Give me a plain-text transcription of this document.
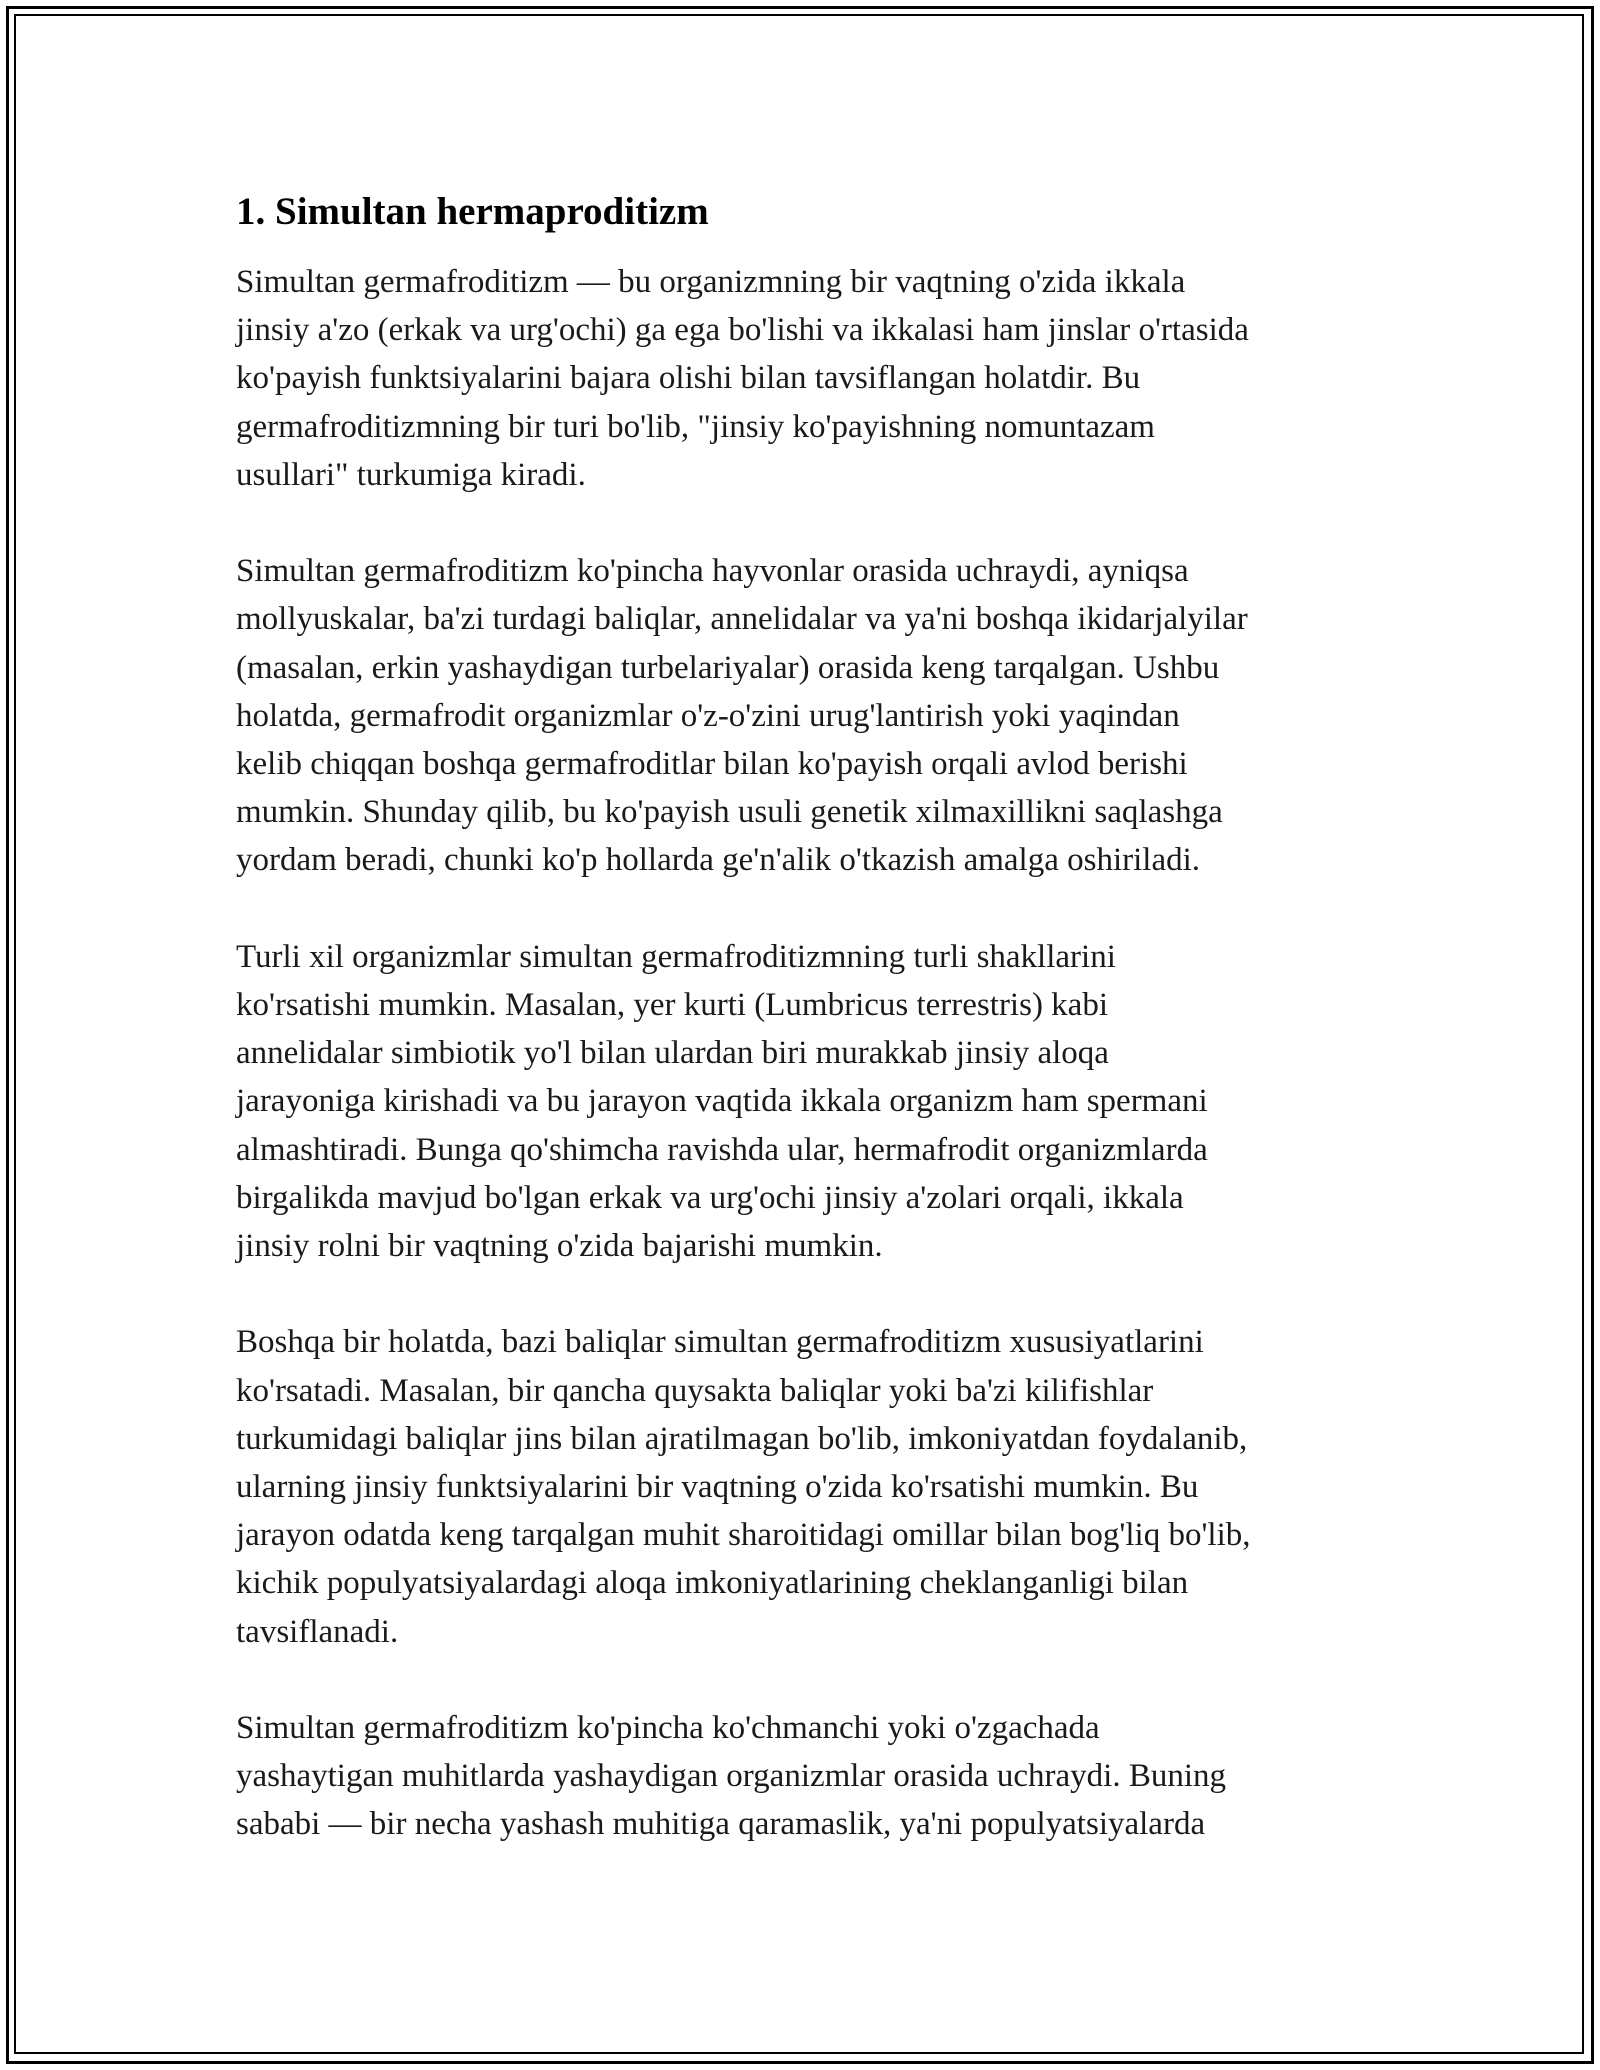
1. Simultan hermaproditizm
Simultan germafroditizm — bu organizmning bir vaqtning o'zida ikkala
jinsiy a'zo (erkak va urg'ochi) ga ega bo'lishi va ikkalasi ham jinslar o'rtasida
ko'payish funktsiyalarini bajara olishi bilan tavsiflangan holatdir. Bu
germafroditizmning bir turi bo'lib, "jinsiy ko'payishning nomuntazam
usullari" turkumiga kiradi.
Simultan germafroditizm ko'pincha hayvonlar orasida uchraydi, ayniqsa
mollyuskalar, ba'zi turdagi baliqlar, annelidalar va ya'ni boshqa ikidarjalyilar
(masalan, erkin yashaydigan turbelariyalar) orasida keng tarqalgan. Ushbu
holatda, germafrodit organizmlar o'z-o'zini urug'lantirish yoki yaqindan
kelib chiqqan boshqa germafroditlar bilan ko'payish orqali avlod berishi
mumkin. Shunday qilib, bu ko'payish usuli genetik xilmaxillikni saqlashga
yordam beradi, chunki ko'p hollarda ge'n'alik o'tkazish amalga oshiriladi.
Turli xil organizmlar simultan germafroditizmning turli shakllarini
ko'rsatishi mumkin. Masalan, yer kurti (Lumbricus terrestris) kabi
annelidalar simbiotik yo'l bilan ulardan biri murakkab jinsiy aloqa
jarayoniga kirishadi va bu jarayon vaqtida ikkala organizm ham spermani
almashtiradi. Bunga qo'shimcha ravishda ular, hermafrodit organizmlarda
birgalikda mavjud bo'lgan erkak va urg'ochi jinsiy a'zolari orqali, ikkala
jinsiy rolni bir vaqtning o'zida bajarishi mumkin.
Boshqa bir holatda, bazi baliqlar simultan germafroditizm xususiyatlarini
ko'rsatadi. Masalan, bir qancha quysakta baliqlar yoki ba'zi kilifishlar
turkumidagi baliqlar jins bilan ajratilmagan bo'lib, imkoniyatdan foydalanib,
ularning jinsiy funktsiyalarini bir vaqtning o'zida ko'rsatishi mumkin. Bu
jarayon odatda keng tarqalgan muhit sharoitidagi omillar bilan bog'liq bo'lib,
kichik populyatsiyalardagi aloqa imkoniyatlarining cheklanganligi bilan
tavsiflanadi.
Simultan germafroditizm ko'pincha ko'chmanchi yoki o'zgachada
yashaytigan muhitlarda yashaydigan organizmlar orasida uchraydi. Buning
sababi — bir necha yashash muhitiga qaramaslik, ya'ni populyatsiyalarda
